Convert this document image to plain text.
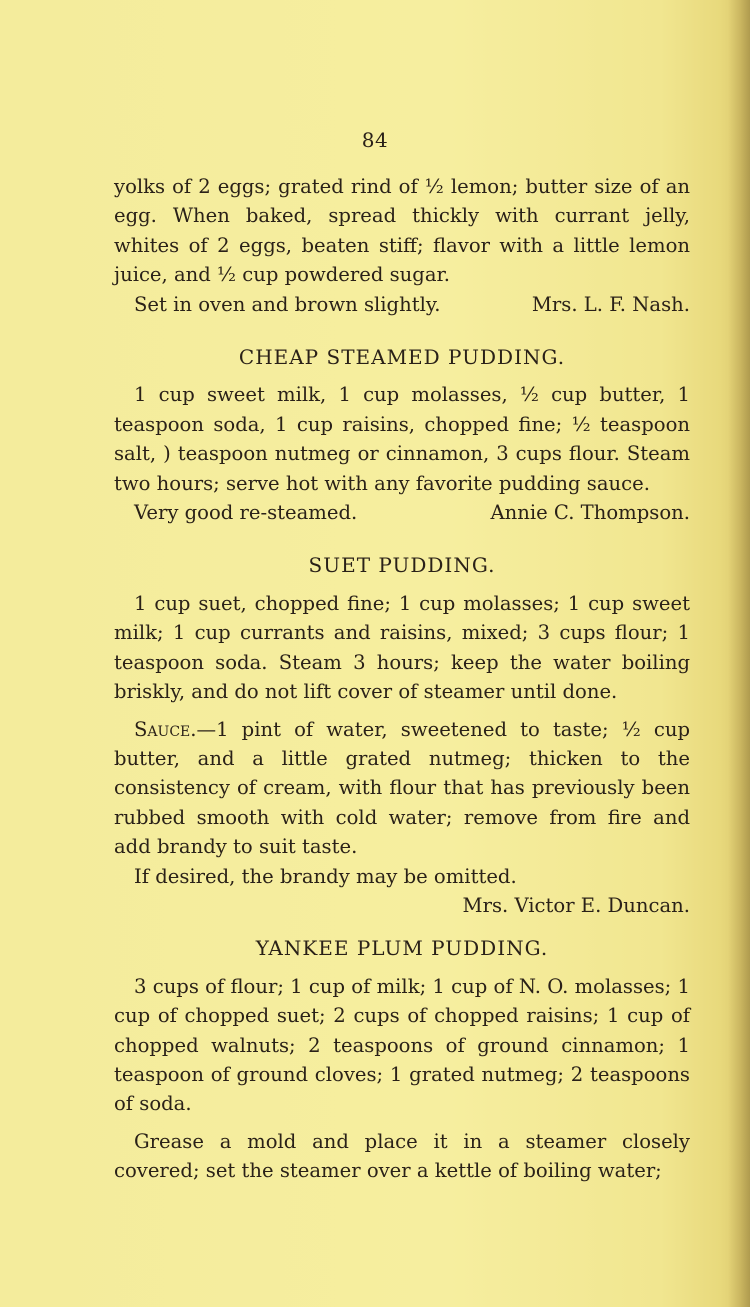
84

yolks of 2 eggs; grated rind of ½ lemon; butter size of an egg. When baked, spread thickly with currant jelly, whites of 2 eggs, beaten stiff; flavor with a little lemon juice, and ½ cup powdered sugar.

Set in oven and brown slightly.	Mrs. L. F. Nash.

CHEAP STEAMED PUDDING.

1 cup sweet milk, 1 cup molasses, ½ cup butter, 1 teaspoon soda, 1 cup raisins, chopped fine; ½ teaspoon salt, ) teaspoon nutmeg or cinnamon, 3 cups flour. Steam two hours; serve hot with any favorite pudding sauce.

Very good re-steamed.	Annie C. Thompson.

SUET PUDDING.

1 cup suet, chopped fine; 1 cup molasses; 1 cup sweet milk; 1 cup currants and raisins, mixed; 3 cups flour; 1 teaspoon soda. Steam 3 hours; keep the water boiling briskly, and do not lift cover of steamer until done.

Sauce.—1 pint of water, sweetened to taste; ½ cup butter, and a little grated nutmeg; thicken to the consistency of cream, with flour that has previously been rubbed smooth with cold water; remove from fire and add brandy to suit taste.

If desired, the brandy may be omitted.

Mrs. Victor E. Duncan.

YANKEE PLUM PUDDING.

3 cups of flour; 1 cup of milk; 1 cup of N. O. molasses; 1 cup of chopped suet; 2 cups of chopped raisins; 1 cup of chopped walnuts; 2 teaspoons of ground cinnamon; 1 teaspoon of ground cloves; 1 grated nutmeg; 2 teaspoons of soda.

Grease a mold and place it in a steamer closely covered; set the steamer over a kettle of boiling water;
